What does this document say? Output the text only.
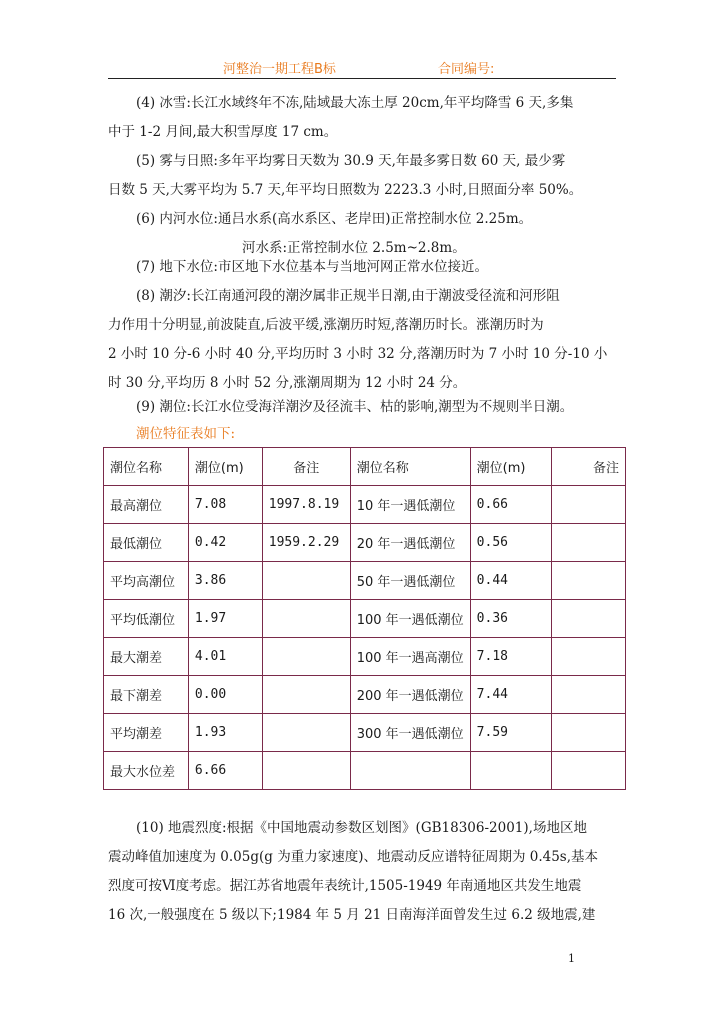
河整治一期工程B标	合同编号:
(4) 冰雪:长江水域终年不冻,陆域最大冻土厚 20cm,年平均降雪 6 天,多集
中于 1-2 月间,最大积雪厚度 17 cm。
(5) 雾与日照:多年平均雾日天数为 30.9 天,年最多雾日数 60 天, 最少雾
日数 5 天,大雾平均为 5.7 天,年平均日照数为 2223.3 小时,日照面分率 50%。
(6) 内河水位:通吕水系(高水系区、老岸田)正常控制水位 2.25m。
河水系:正常控制水位 2.5m~2.8m。
(7) 地下水位:市区地下水位基本与当地河网正常水位接近。
(8) 潮汐:长江南通河段的潮汐属非正规半日潮,由于潮波受径流和河形阻
力作用十分明显,前波陡直,后波平缓,涨潮历时短,落潮历时长。涨潮历时为
2 小时 10 分-6 小时 40 分,平均历时 3 小时 32 分,落潮历时为 7 小时 10 分-10 小
时 30 分,平均历 8 小时 52 分,涨潮周期为 12 小时 24 分。
(9) 潮位:长江水位受海洋潮汐及径流丰、枯的影响,潮型为不规则半日潮。
潮位特征表如下:
潮位名称	潮位(m)	备注	潮位名称	潮位(m)	备注
最高潮位	7.08	1997.8.19	10 年一遇低潮位	0.66	
最低潮位	0.42	1959.2.29	20 年一遇低潮位	0.56	
平均高潮位	3.86		50 年一遇低潮位	0.44	
平均低潮位	1.97		100 年一遇低潮位	0.36	
最大潮差	4.01		100 年一遇高潮位	7.18	
最下潮差	0.00		200 年一遇低潮位	7.44	
平均潮差	1.93		300 年一遇低潮位	7.59	
最大水位差	6.66				
(10) 地震烈度:根据《中国地震动参数区划图》(GB18306-2001),场地区地
震动峰值加速度为 0.05g(g 为重力家速度)、地震动反应谱特征周期为 0.45s,基本
烈度可按Ⅵ度考虑。据江苏省地震年表统计,1505-1949 年南通地区共发生地震
16 次,一般强度在 5 级以下;1984 年 5 月 21 日南海洋面曾发生过 6.2 级地震,建
1
